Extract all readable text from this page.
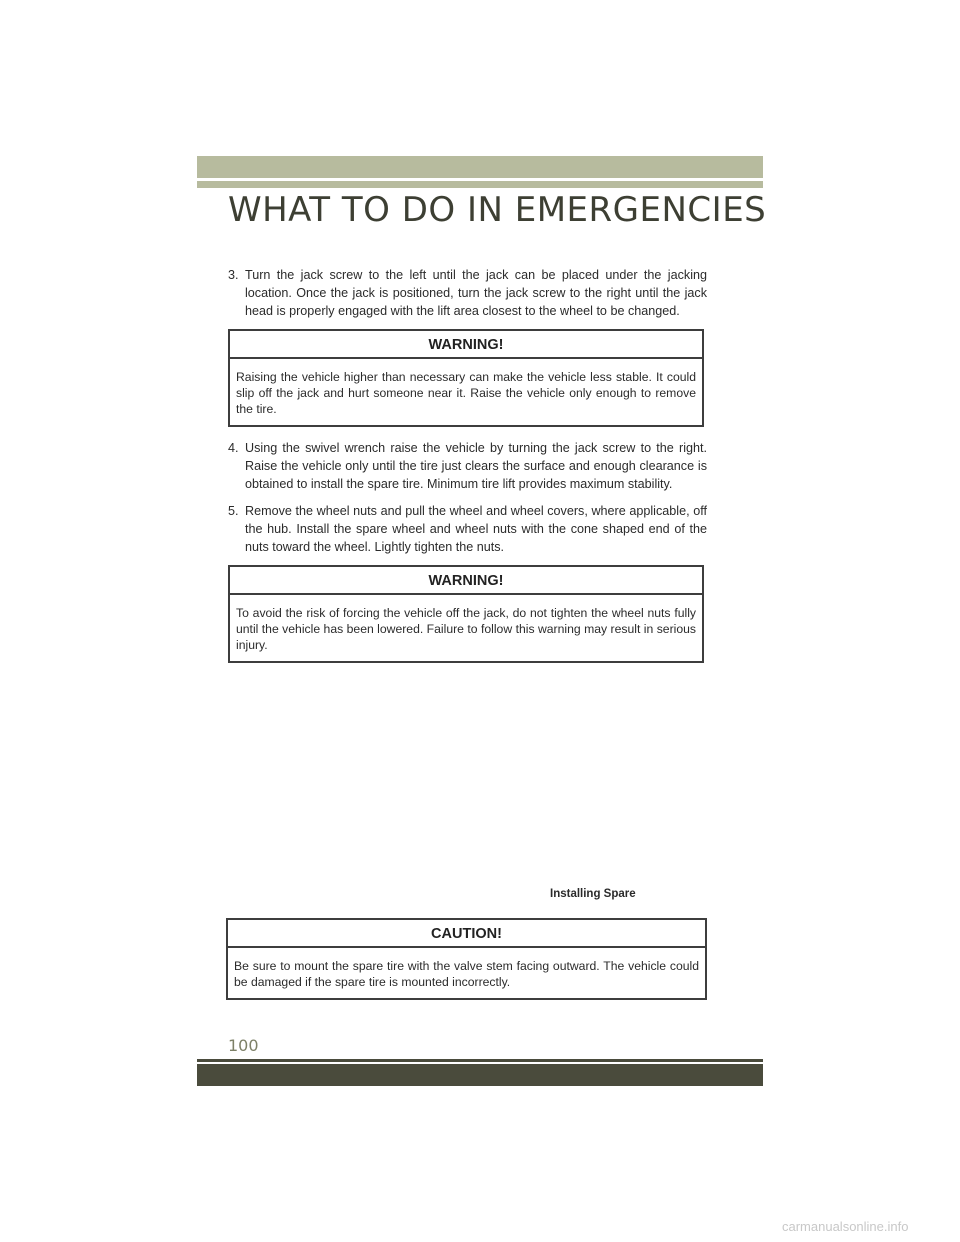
WHAT TO DO IN EMERGENCIES

3. Turn the jack screw to the left until the jack can be placed under the jacking location. Once the jack is positioned, turn the jack screw to the right until the jack head is properly engaged with the lift area closest to the wheel to be changed.

WARNING!
Raising the vehicle higher than necessary can make the vehicle less stable. It could slip off the jack and hurt someone near it. Raise the vehicle only enough to remove the tire.

4. Using the swivel wrench raise the vehicle by turning the jack screw to the right. Raise the vehicle only until the tire just clears the surface and enough clearance is obtained to install the spare tire. Minimum tire lift provides maximum stability.

5. Remove the wheel nuts and pull the wheel and wheel covers, where applicable, off the hub. Install the spare wheel and wheel nuts with the cone shaped end of the nuts toward the wheel. Lightly tighten the nuts.

WARNING!
To avoid the risk of forcing the vehicle off the jack, do not tighten the wheel nuts fully until the vehicle has been lowered. Failure to follow this warning may result in serious injury.
Installing Spare
CAUTION!
Be sure to mount the spare tire with the valve stem facing outward. The vehicle could be damaged if the spare tire is mounted incorrectly.
100
carmanualsonline.info
